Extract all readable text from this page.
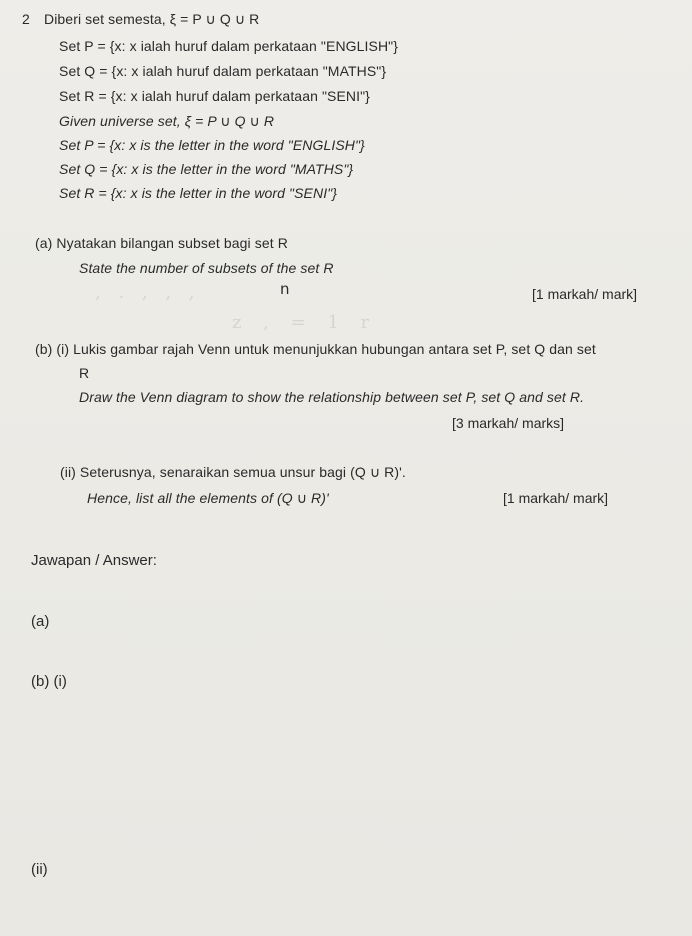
2 Diberi set semesta, ξ = P ∪ Q ∪ R
Set P = {x: x ialah huruf dalam perkataan "ENGLISH"}
Set Q = {x: x ialah huruf dalam perkataan "MATHS"}
Set R = {x: x ialah huruf dalam perkataan "SENI"}
Given universe set, ξ = P ∪ Q ∪ R
Set P = {x: x is the letter in the word "ENGLISH"}
Set Q = {x: x is the letter in the word "MATHS"}
Set R = {x: x is the letter in the word "SENI"}
(a) Nyatakan bilangan subset bagi set R
State the number of subsets of the set R
n	[1 markah/ mark]
, . , , ,
z , = 1 r
(b) (i) Lukis gambar rajah Venn untuk menunjukkan hubungan antara set P, set Q dan set
R
Draw the Venn diagram to show the relationship between set P, set Q and set R.
[3 markah/ marks]
(ii) Seterusnya, senaraikan semua unsur bagi (Q ∪ R)'.
Hence, list all the elements of (Q ∪ R)'	[1 markah/ mark]
Jawapan / Answer:
(a)
(b) (i)
(ii)
